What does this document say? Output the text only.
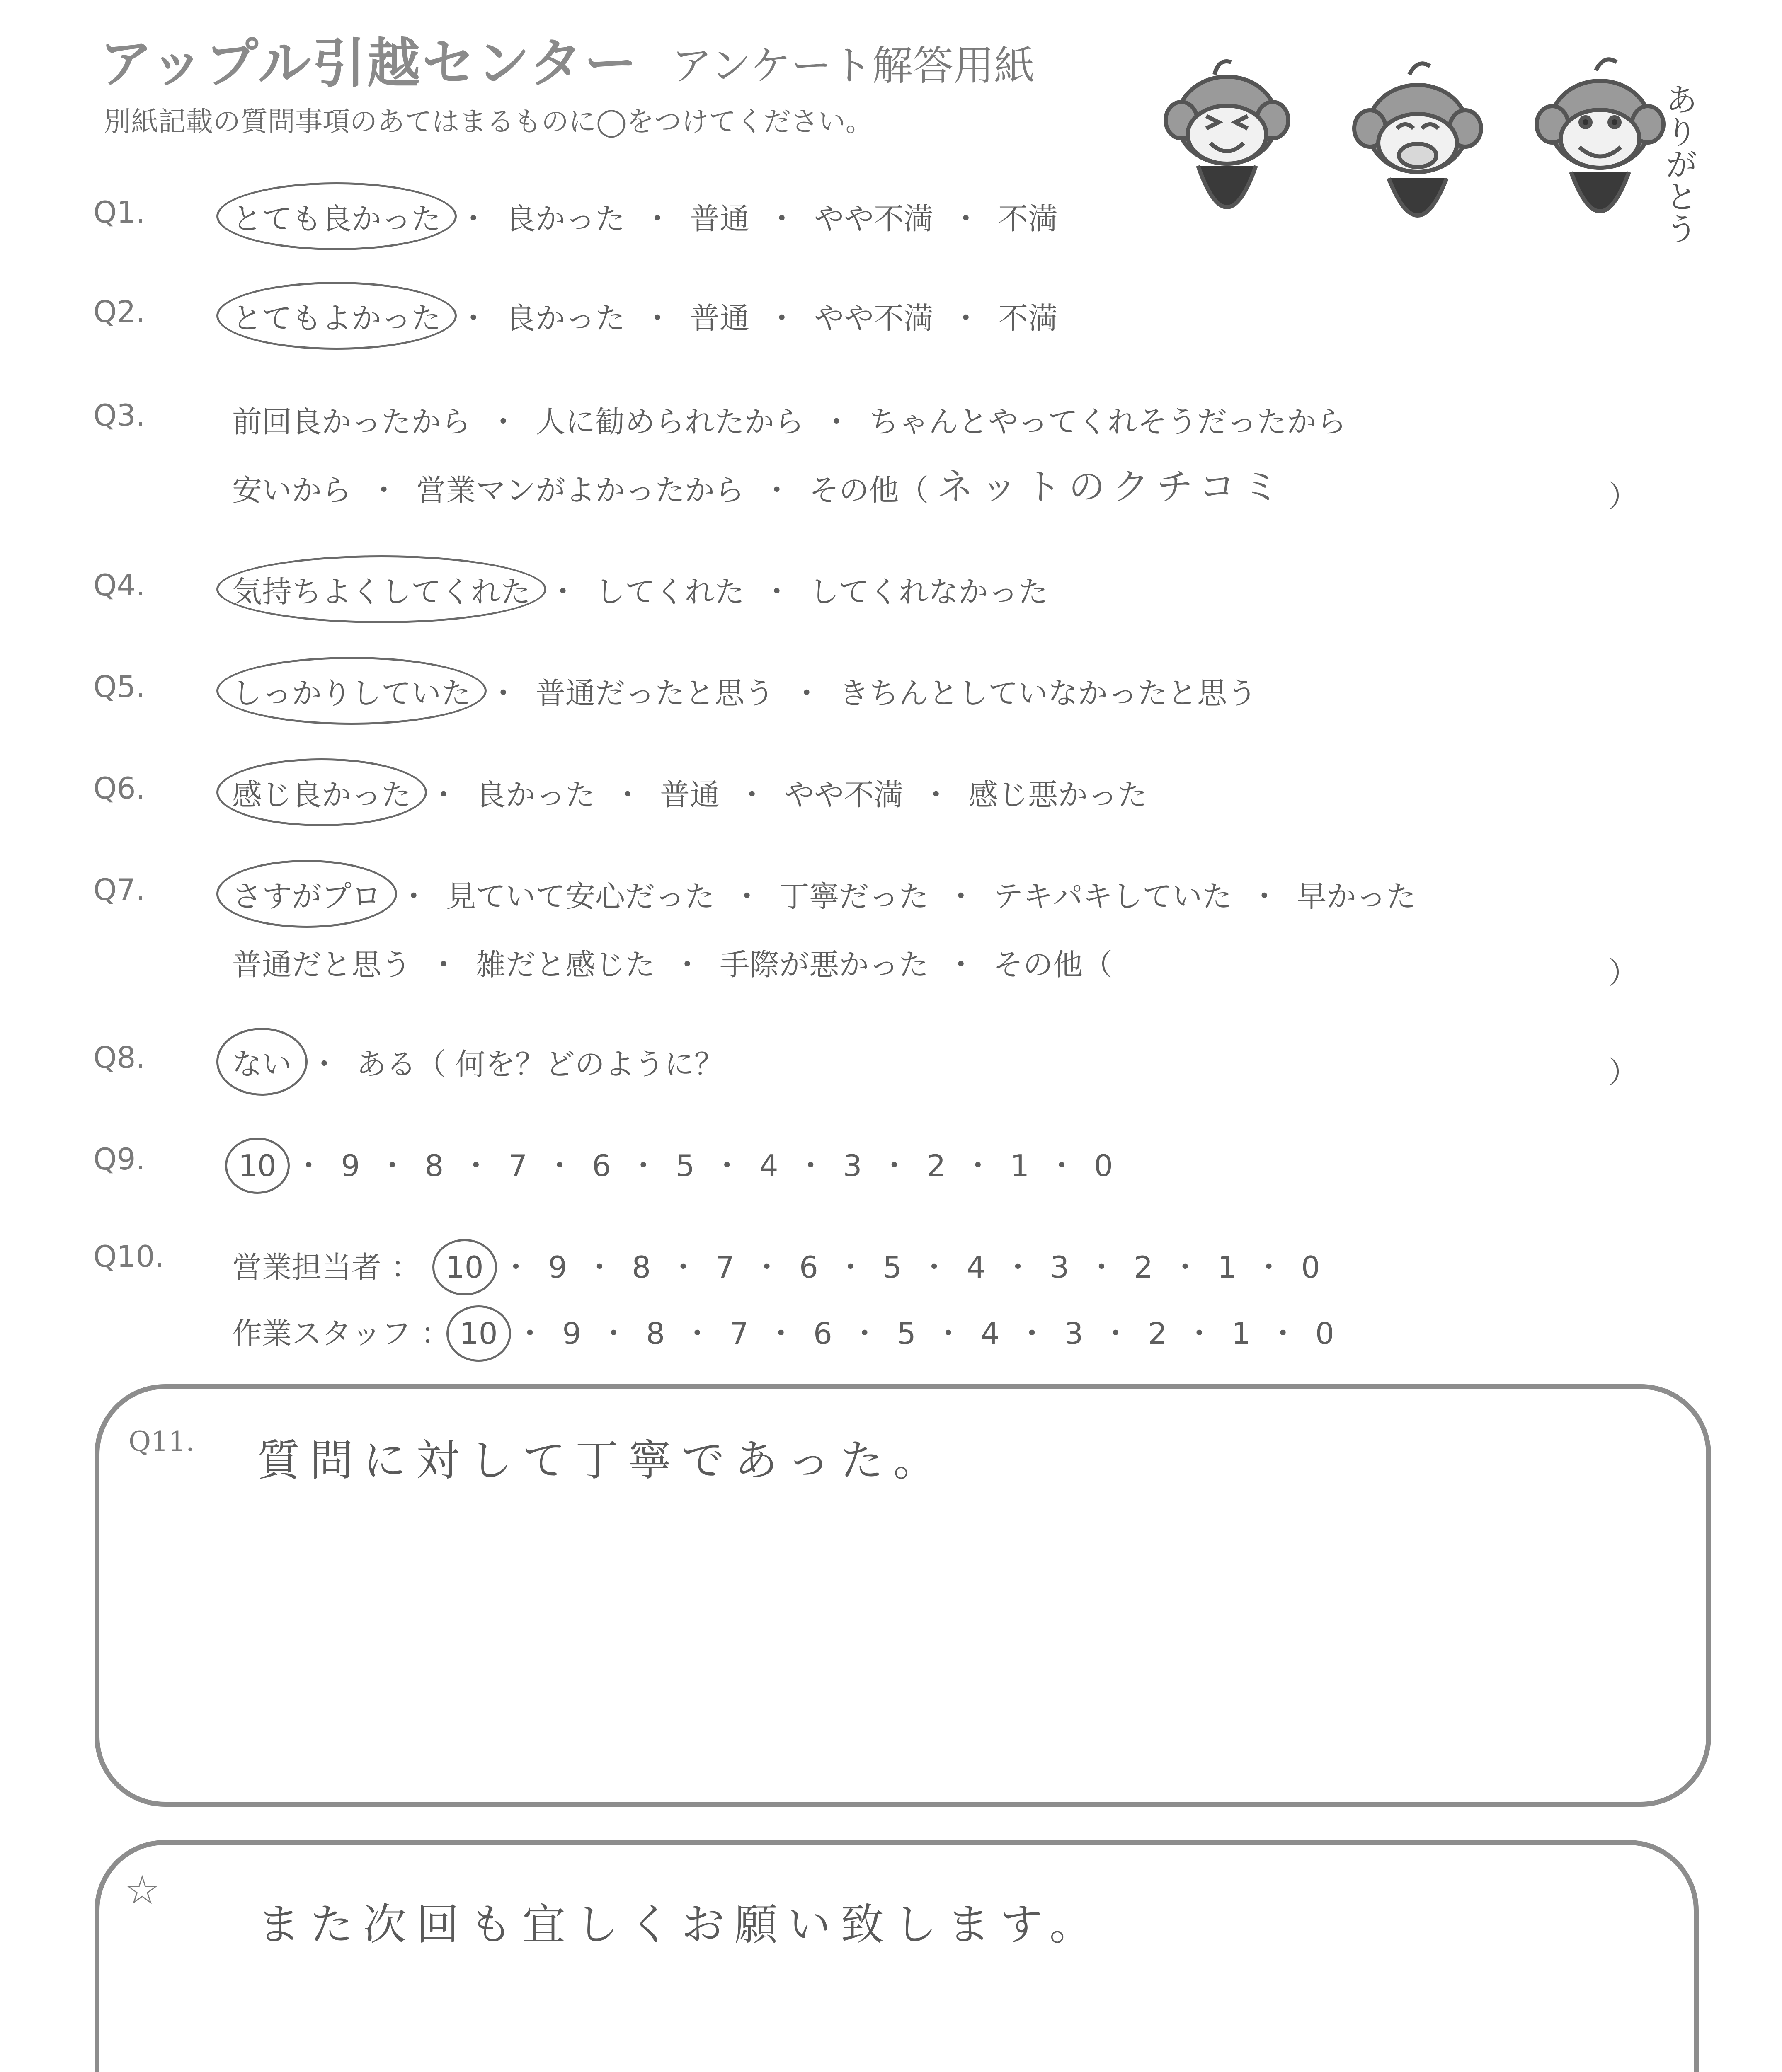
アップル引越センター アンケート解答用紙
別紙記載の質問事項のあてはまるものに◯をつけてください。	ありがとう
Q1.	とても良かった ・ 良かった ・ 普通 ・ やや不満 ・ 不満
Q2.	とてもよかった ・ 良かった ・ 普通 ・ やや不満 ・ 不満
Q3.	前回良かったから ・ 人に勧められたから ・ ちゃんとやってくれそうだったから
安いから ・ 営業マンがよかったから ・ その他（ ネットのクチコミ	）
Q4.	気持ちよくしてくれた ・ してくれた ・ してくれなかった
Q5.	しっかりしていた ・ 普通だったと思う ・ きちんとしていなかったと思う
Q6.	感じ良かった ・ 良かった ・ 普通 ・ やや不満 ・ 感じ悪かった
Q7.	さすがプロ ・ 見ていて安心だった ・ 丁寧だった ・ テキパキしていた ・ 早かった
普通だと思う ・ 雑だと感じた ・ 手際が悪かった ・ その他（	）
Q8.	ない ・ ある（ 何を？どのように？	）
Q9.	10 ・ 9 ・ 8 ・ 7 ・ 6 ・ 5 ・ 4 ・ 3 ・ 2 ・ 1 ・ 0
Q10. 営業担当者 ： 10 ・ 9 ・ 8 ・ 7 ・ 6 ・ 5 ・ 4 ・ 3 ・ 2 ・ 1 ・ 0
作業スタッフ ： 10 ・ 9 ・ 8 ・ 7 ・ 6 ・ 5 ・ 4 ・ 3 ・ 2 ・ 1 ・ 0
Q11. 質問に対して丁寧であった。
☆
また次回も宜しくお願い致します。
